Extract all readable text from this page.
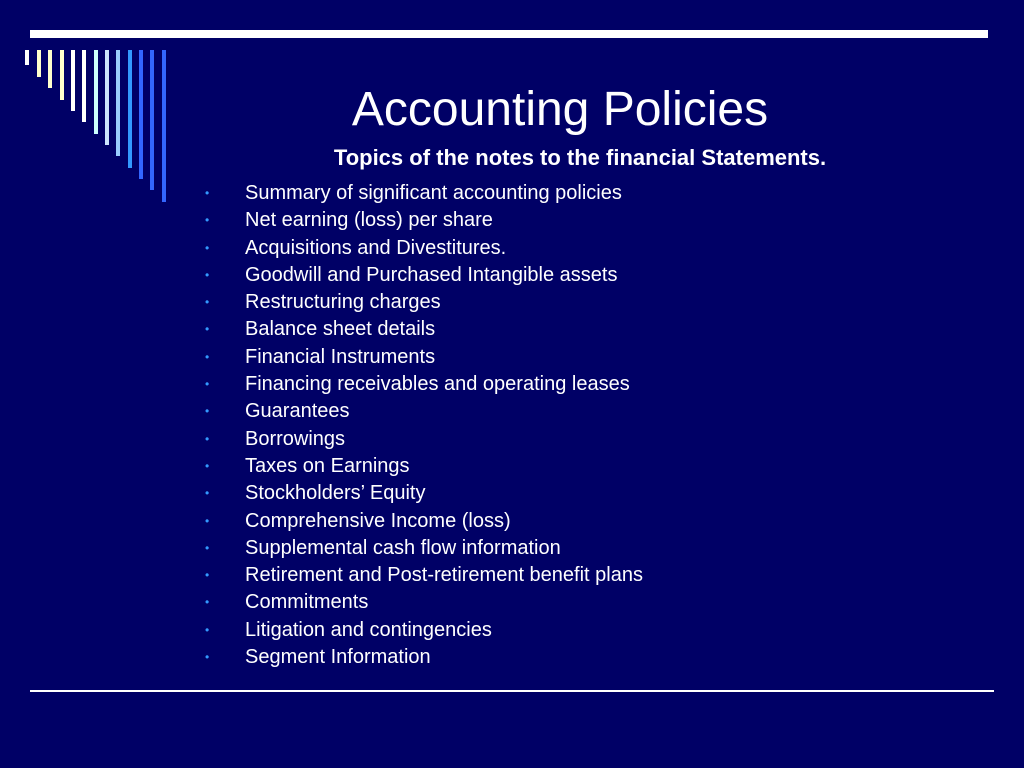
Accounting Policies
Topics of the notes to the financial Statements.
• Summary of significant accounting policies
• Net earning (loss) per share
• Acquisitions and Divestitures.
• Goodwill and Purchased Intangible assets
• Restructuring charges
• Balance sheet details
• Financial Instruments
• Financing receivables and operating leases
• Guarantees
• Borrowings
• Taxes on Earnings
• Stockholders’ Equity
• Comprehensive Income (loss)
• Supplemental cash flow information
• Retirement and Post-retirement benefit plans
• Commitments
• Litigation and contingencies
• Segment Information
